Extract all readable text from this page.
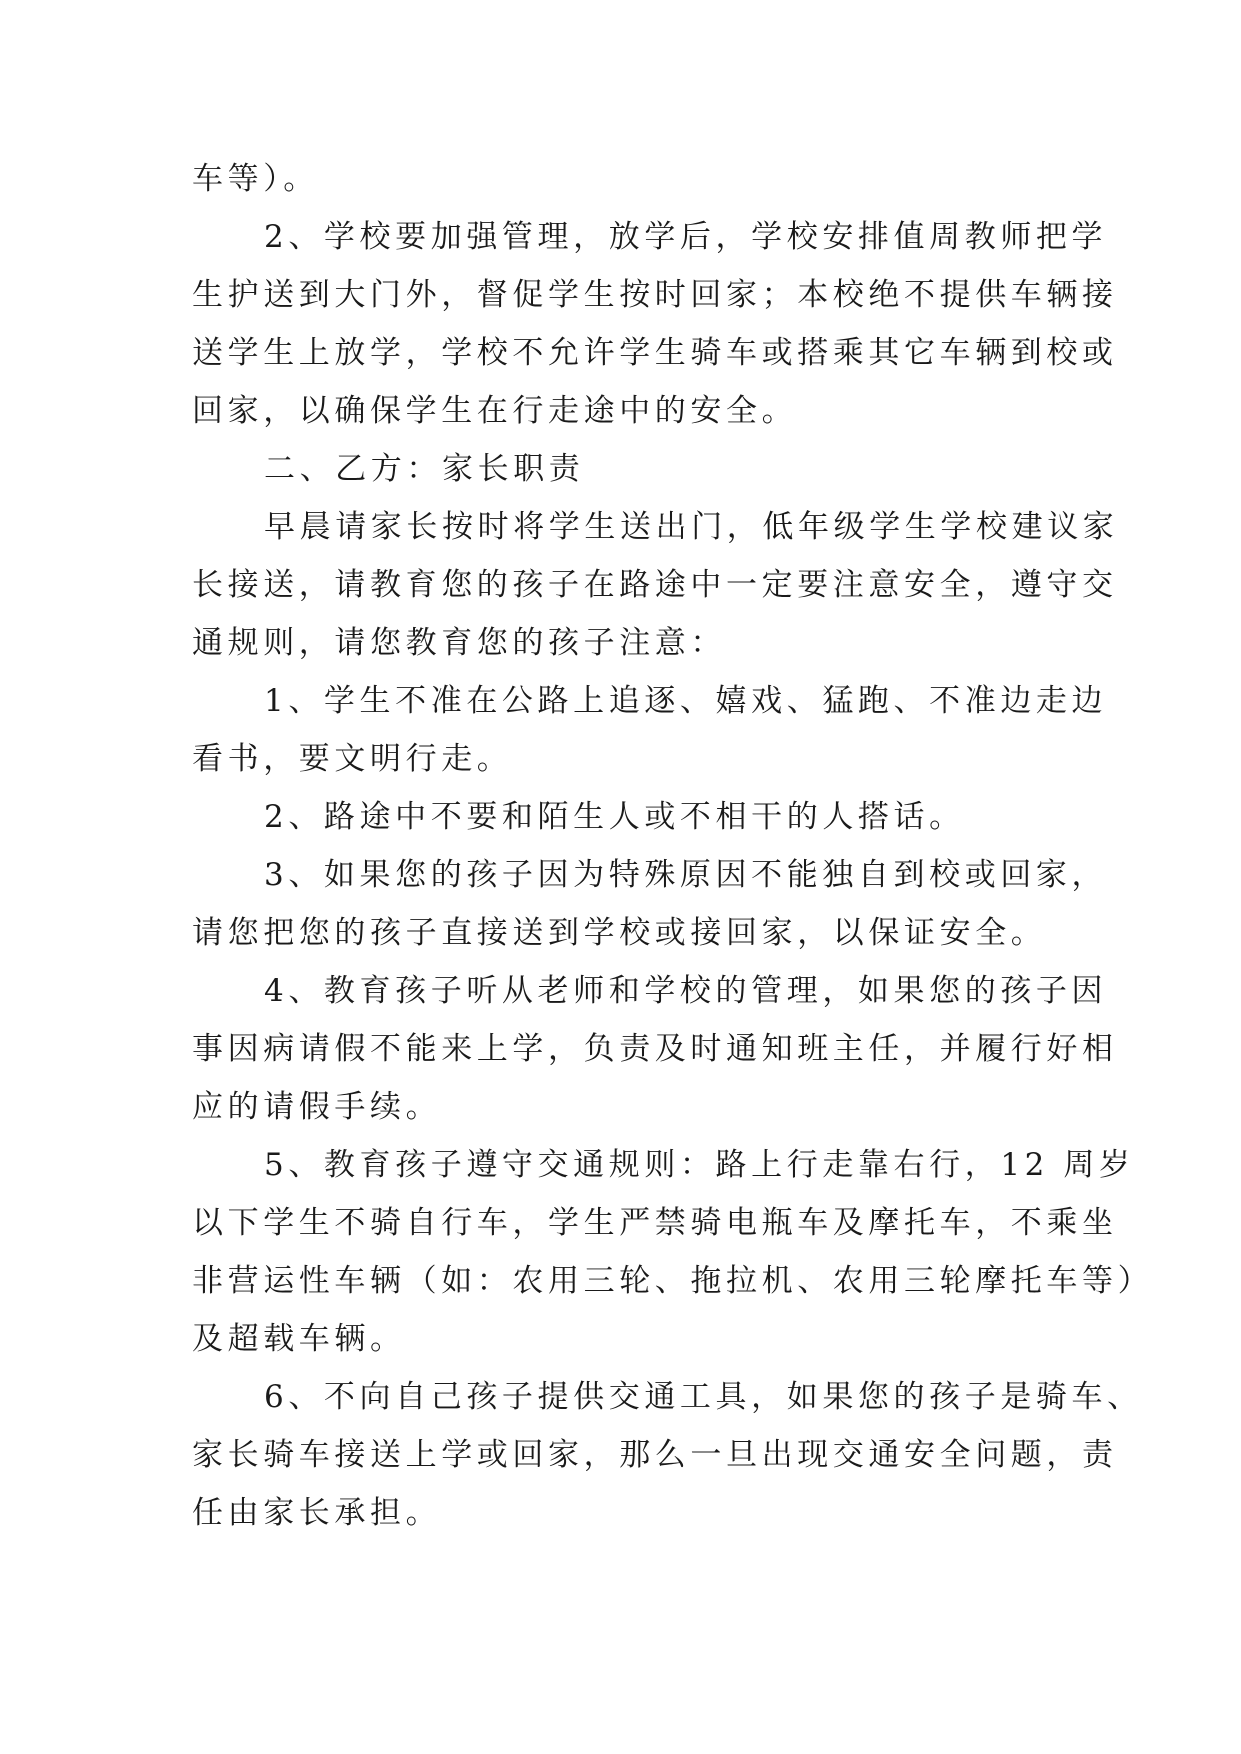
车等）。
2、学校要加强管理，放学后，学校安排值周教师把学
生护送到大门外，督促学生按时回家；本校绝不提供车辆接
送学生上放学，学校不允许学生骑车或搭乘其它车辆到校或
回家，以确保学生在行走途中的安全。
二、乙方：家长职责
早晨请家长按时将学生送出门，低年级学生学校建议家
长接送，请教育您的孩子在路途中一定要注意安全，遵守交
通规则，请您教育您的孩子注意：
1、学生不准在公路上追逐、嬉戏、猛跑、不准边走边
看书，要文明行走。
2、路途中不要和陌生人或不相干的人搭话。
3、如果您的孩子因为特殊原因不能独自到校或回家，
请您把您的孩子直接送到学校或接回家，以保证安全。
4、教育孩子听从老师和学校的管理，如果您的孩子因
事因病请假不能来上学，负责及时通知班主任，并履行好相
应的请假手续。
5、教育孩子遵守交通规则：路上行走靠右行，12 周岁
以下学生不骑自行车，学生严禁骑电瓶车及摩托车，不乘坐
非营运性车辆（如：农用三轮、拖拉机、农用三轮摩托车等）
及超载车辆。
6、不向自己孩子提供交通工具，如果您的孩子是骑车、
家长骑车接送上学或回家，那么一旦出现交通安全问题，责
任由家长承担。
